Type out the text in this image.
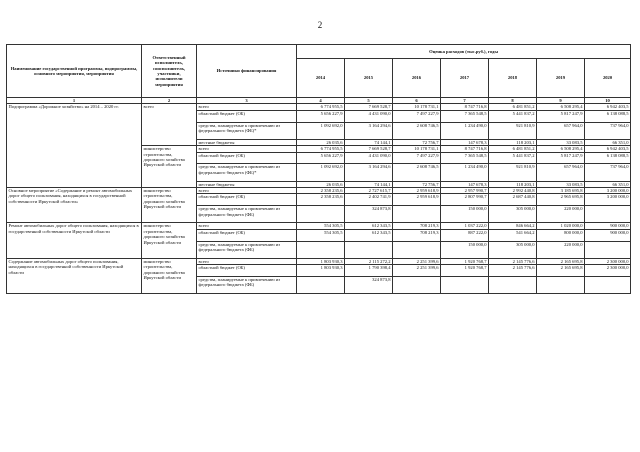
2
Наименование государственной программы, подпрограммы, основного мероприятия, мероприятия	Ответственный исполнитель, соисполнитель, участники, исполнители мероприятия	Источники финансирования	Оценка расходов (тыс.руб.), годы						
			2014	2015	2016	2017	2018	2019	2020
1	2	3	4	5	6	7	8	9	10
Подпрограмма «Дорожное хозяйство» на 2014 – 2020 гг.	всего	всего	6 774 955,5	7 669 528,7	10 178 731,1	8 747 716,8	6 481 851,2	6 508 295,4	6 942 403,5
		областной бюджет (ОБ)	5 656 227,9	4 431 090,0	7 497 227,9	7 365 548,5	5 441 837,2	5 817 247,9	6 138 088,5
		средства, планируемые к привлечению из федерального бюджета (ФБ)*	1 092 692,0	3 164 294,6	2 608 746,5	1 234 490,0	921 810,9	657 964,0	737 964,0
		местные бюджеты	26 035,6	74 144,1	72 756,7	147 678,3	118 203,1	33 083,5	66 351,0
	министерство строительства, дорожного хозяйства Иркутской области	всего	6 774 955,5	7 669 528,7	10 178 731,1	8 747 716,8	6 481 851,2	6 508 295,4	6 942 403,5
		областной бюджет (ОБ)	5 656 227,9	4 431 090,0	7 497 227,9	7 365 548,5	5 441 837,2	5 817 247,9	6 138 088,5
		средства, планируемые к привлечению из федерального бюджета (ФБ)*	1 092 692,0	3 164 294,6	2 608 746,5	1 234 490,0	921 810,9	657 964,0	737 964,0
		местные бюджеты	26 035,6	74 144,1	72 756,7	147 678,3	118 203,1	33 083,5	66 351,0
Основное мероприятие «Содержание и ремонт автомобильных дорог общего пользования, находящихся в государственной собственности Иркутской области»	министерство строительства, дорожного хозяйства Иркутской области	всего	2 358 235,6	2 727 615,7	2 959 618,9	2 957 990,7	2 992 440,8	3 185 695,8	3 200 000,0
		областной бюджет (ОБ)	2 358 235,6	2 402 741,9	2 959 618,9	2 807 990,7	2 687 440,8	2 965 695,8	3 200 000,0
		средства, планируемые к привлечению из федерального бюджета (ФБ)		324 873,8		150 000,0	305 000,0	220 000,0	
Ремонт автомобильных дорог общего пользования, находящихся в государственной собственности Иркутской области	министерство строительства, дорожного хозяйства Иркутской области	всего	554 305,5	612 343,5	708 219,3	1 037 222,0	846 664,2	1 020 000,0	900 000,0
		областной бюджет (ОБ)	554 305,5	612 343,5	708 219,3	887 222,0	541 664,2	800 000,0	900 000,0
		средства, планируемые к привлечению из федерального бюджета (ФБ)				150 000,0	305 000,0	220 000,0	
Содержание автомобильных дорог общего пользования, находящихся в государственной собственности Иркутской области	министерство строительства, дорожного хозяйства Иркутской области	всего	1 803 930,3	2 115 272,2	2 251 399,6	1 920 768,7	2 145 776,6	2 165 695,8	2 300 000,0
		областной бюджет (ОБ)	1 803 930,3	1 790 398,4	2 251 399,6	1 920 768,7	2 145 776,6	2 165 695,8	2 300 000,0
		средства, планируемые к привлечению из федерального бюджета (ФБ)		324 873,8					
